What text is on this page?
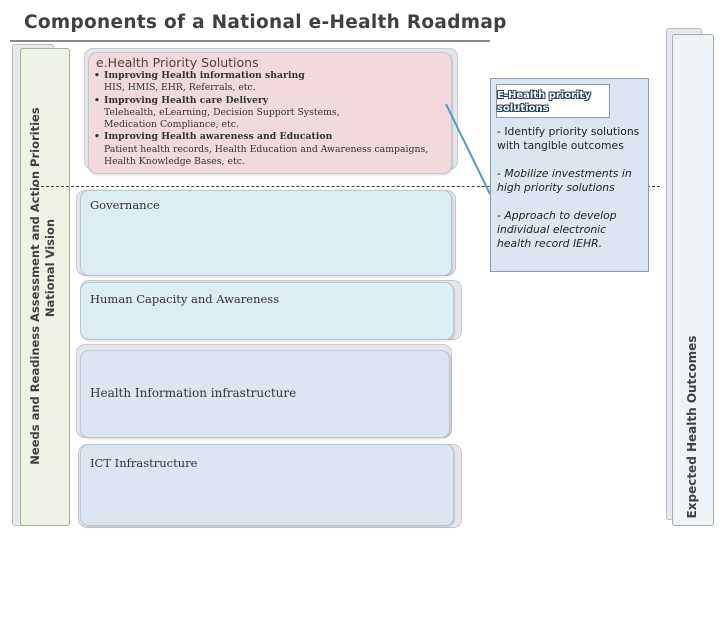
Components of a National e-Health Roadmap
Needs and Readiness Assessment and Action Priorities National Vision
Expected Health Outcomes
e.Health Priority Solutions
• Improving Health information sharing
HIS, HMIS, EHR, Referrals, etc.
• Improving Health care Delivery
Telehealth, eLearning, Decision Support Systems,
Medication Compliance, etc.
• Improving Health awareness and Education
Patient health records, Health Education and Awareness campaigns,
Health Knowledge Bases, etc.
Governance
Human Capacity and Awareness
Health Information infrastructure
ICT Infrastructure
E-Health priority
solutions
- Identify priority solutions with tangible outcomes
- Mobilize investments in high priority solutions
- Approach to develop individual electronic health record IEHR.
